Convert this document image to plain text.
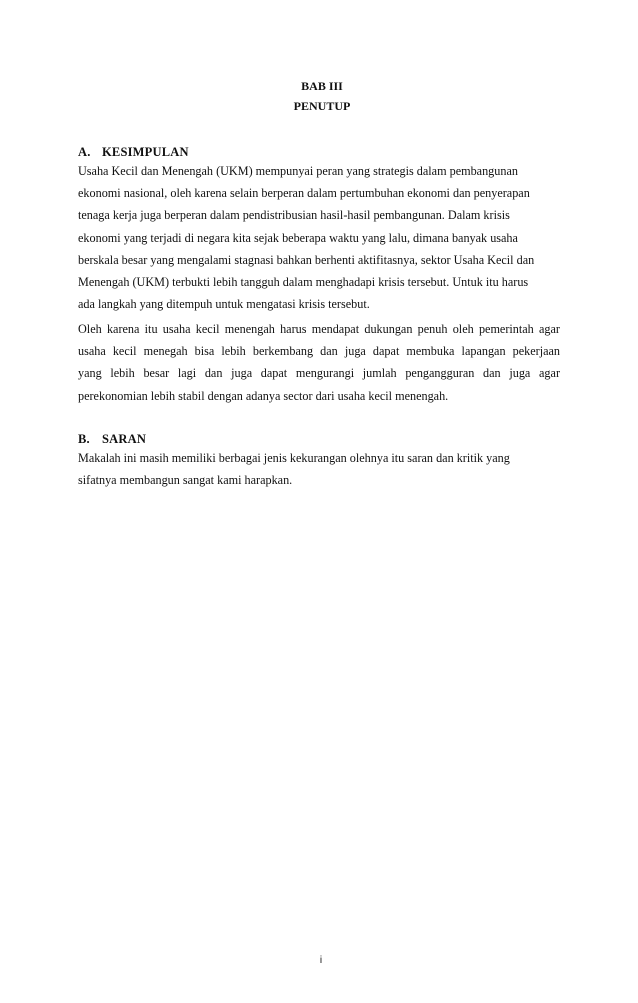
BAB III
PENUTUP
A. KESIMPULAN

Usaha Kecil dan Menengah (UKM) mempunyai peran yang strategis dalam pembangunan
ekonomi nasional, oleh karena selain berperan dalam pertumbuhan ekonomi dan penyerapan
tenaga kerja juga berperan dalam pendistribusian hasil-hasil pembangunan. Dalam krisis
ekonomi yang terjadi di negara kita sejak beberapa waktu yang lalu, dimana banyak usaha
berskala besar yang mengalami stagnasi bahkan berhenti aktifitasnya, sektor Usaha Kecil dan
Menengah (UKM) terbukti lebih tangguh dalam menghadapi krisis tersebut. Untuk itu harus
ada langkah yang ditempuh untuk mengatasi krisis tersebut.

Oleh karena itu usaha kecil menengah harus mendapat dukungan penuh oleh pemerintah agar
usaha kecil menegah bisa lebih berkembang dan juga dapat membuka lapangan pekerjaan
yang lebih besar lagi dan juga dapat mengurangi jumlah pengangguran dan juga agar
perekonomian lebih stabil dengan adanya sector dari usaha kecil menengah.

B. SARAN

Makalah ini masih memiliki berbagai jenis kekurangan olehnya itu saran dan kritik yang
sifatnya membangun sangat kami harapkan.

i
